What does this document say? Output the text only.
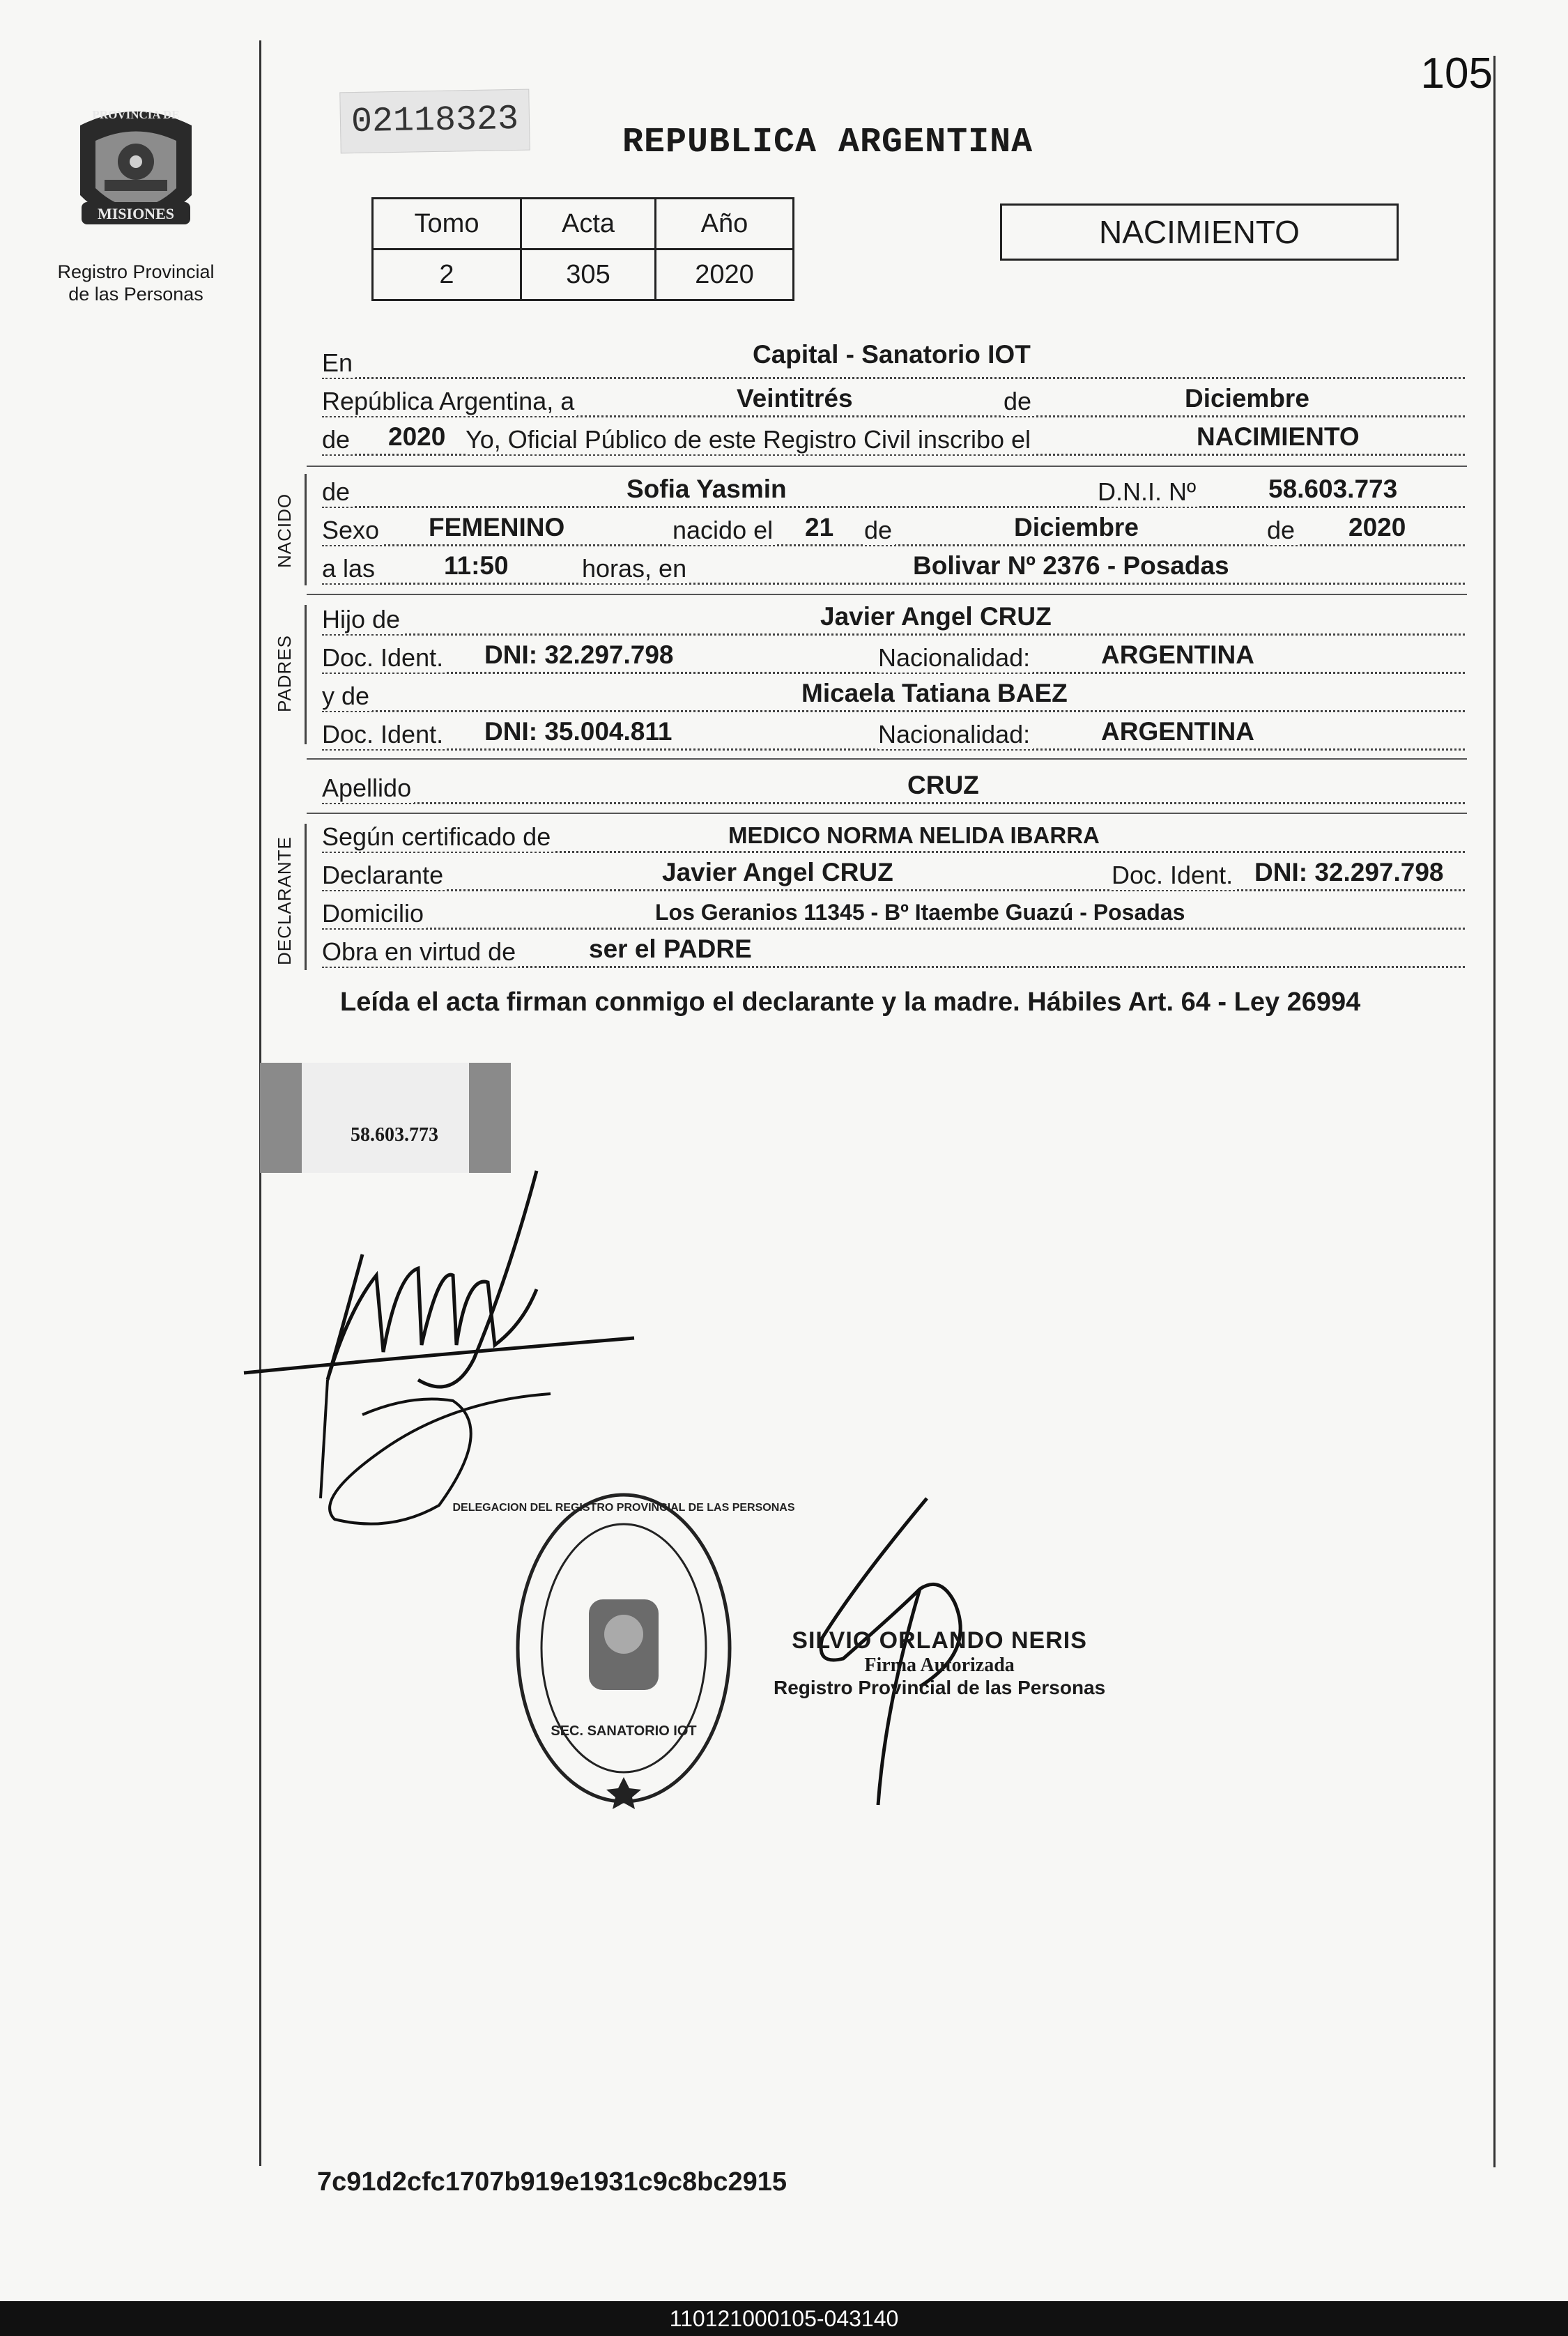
105
MISIONES
PROVINCIA DE
Registro Provincial
de las Personas
02118323
REPUBLICA ARGENTINA
Tomo	Acta	Año
2	305	2020
NACIMIENTO
En	Capital - Sanatorio IOT
República Argentina, a	Veintitrés	de	Diciembre
de 2020 Yo, Oficial Público de este Registro Civil inscribo el	NACIMIENTO
NACIDO
de	Sofia Yasmin	D.N.I. Nº	58.603.773
Sexo FEMENINO	nacido el 21 de	Diciembre	de 2020
a las	11:50	horas, en	Bolivar Nº 2376 - Posadas
PADRES
Hijo de	Javier Angel CRUZ
Doc. Ident. DNI: 32.297.798	Nacionalidad:	ARGENTINA
y de	Micaela Tatiana BAEZ
Doc. Ident. DNI: 35.004.811	Nacionalidad:	ARGENTINA
Apellido	CRUZ
DECLARANTE Según certificado de	MEDICO NORMA NELIDA IBARRA
Declarante	Javier Angel CRUZ	Doc. Ident. DNI: 32.297.798
Domicilio	Los Geranios 11345 - Bº Itaembe Guazú - Posadas
Obra en virtud de	ser el PADRE
Leída el acta firman conmigo el declarante y la madre. Hábiles Art. 64 - Ley 26994
58.603.773
DELEGACION DEL REGISTRO PROVINCIAL DE LAS PERSONAS
SEC. SANATORIO IOT
SILVIO ORLANDO NERIS
Firma Autorizada
Registro Provincial de las Personas
7c91d2cfc1707b919e1931c9c8bc2915
110121000105-043140
